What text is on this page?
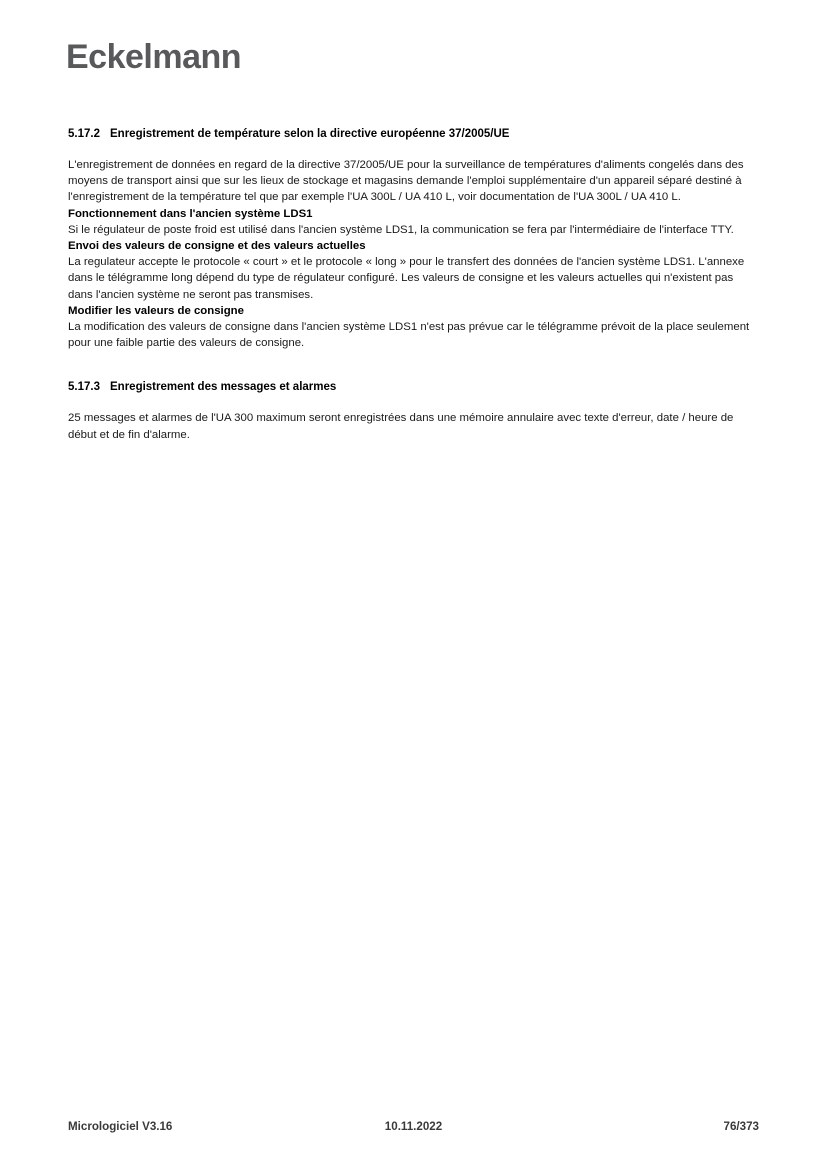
Eckelmann
5.17.2 Enregistrement de température selon la directive européenne 37/2005/UE

L'enregistrement de données en regard de la directive 37/2005/UE pour la surveillance de températures d'aliments congelés dans des moyens de transport ainsi que sur les lieux de stockage et magasins demande l'emploi supplémentaire d'un appareil séparé destiné à l'enregistrement de la température tel que par exemple l'UA 300L / UA 410 L, voir documentation de l'UA 300L / UA 410 L.

Fonctionnement dans l'ancien système LDS1

Si le régulateur de poste froid est utilisé dans l'ancien système LDS1, la communication se fera par l'intermédiaire de l'interface TTY.

Envoi des valeurs de consigne et des valeurs actuelles

La regulateur accepte le protocole « court » et le protocole « long » pour le transfert des données de l'ancien système LDS1. L'annexe dans le télégramme long dépend du type de régulateur configuré. Les valeurs de consigne et les valeurs actuelles qui n'existent pas dans l'ancien système ne seront pas transmises.

Modifier les valeurs de consigne

La modification des valeurs de consigne dans l'ancien système LDS1 n'est pas prévue car le télégramme prévoit de la place seulement pour une faible partie des valeurs de consigne.

5.17.3 Enregistrement des messages et alarmes

25 messages et alarmes de l'UA 300 maximum seront enregistrées dans une mémoire annulaire avec texte d'erreur, date / heure de début et de fin d'alarme.

Micrologiciel V3.16	10.11.2022	76/373
